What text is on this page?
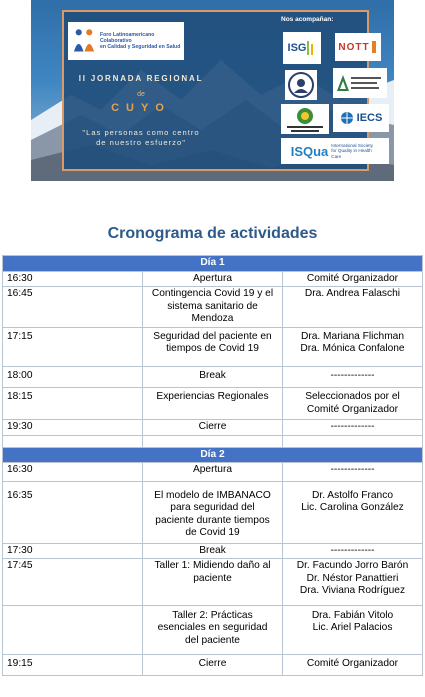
Foro Latinoamericano Colaborativo
en Calidad y Seguridad en Salud
II JORNADA REGIONAL
de
CUYO
"Las personas como centro
de nuestro esfuerzo"
Nos acompañan:
ISG	NOTT
IECS
ISQua International Society for Quality in Health Care
Cronograma de actividades
Día 1		
16:30	Apertura	Comité Organizador

16:45	Contingencia Covid 19 y el
sistema sanitario de
Mendoza	Dra. Andrea Falaschi

17:15	Seguridad del paciente en
tiempos de Covid 19	Dra. Mariana Flichman
Dra. Mónica Confalone

18:00	Break	-------------

18:15	Experiencias Regionales	Seleccionados por el
Comité Organizador

19:30	Cierre	-------------

Día 2		
16:30	Apertura	-------------

16:35	El modelo de IMBANACO
para seguridad del
paciente durante tiempos
de Covid 19	Dr. Astolfo Franco
Lic. Carolina González

17:30	Break	-------------

17:45	Taller 1: Midiendo daño al
paciente	Dr. Facundo Jorro Barón
Dr. Néstor Panattieri
Dra. Viviana Rodríguez

	Taller 2: Prácticas
esenciales en seguridad
del paciente	Dra. Fabián Vitolo
Lic. Ariel Palacios

19:15	Cierre	Comité Organizador
